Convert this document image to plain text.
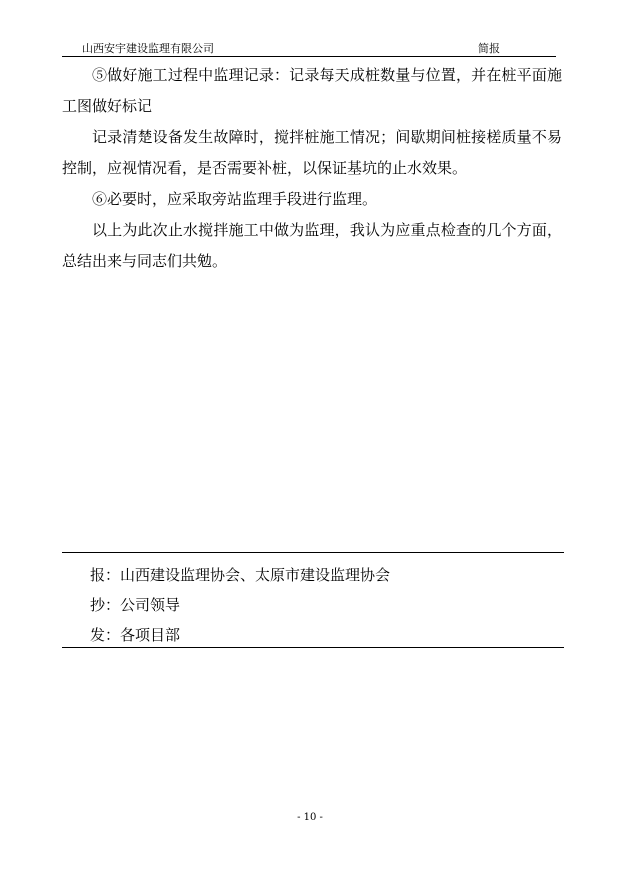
山西安宇建设监理有限公司	简报

⑤做好施工过程中监理记录：记录每天成桩数量与位置，并在桩平面施工图做好标记

记录清楚设备发生故障时，搅拌桩施工情况；间歇期间桩接槎质量不易控制，应视情况看，是否需要补桩，以保证基坑的止水效果。

⑥必要时，应采取旁站监理手段进行监理。

以上为此次止水搅拌施工中做为监理，我认为应重点检查的几个方面，总结出来与同志们共勉。

报：山西建设监理协会、太原市建设监理协会
抄：公司领导
发：各项目部
- 10 -
